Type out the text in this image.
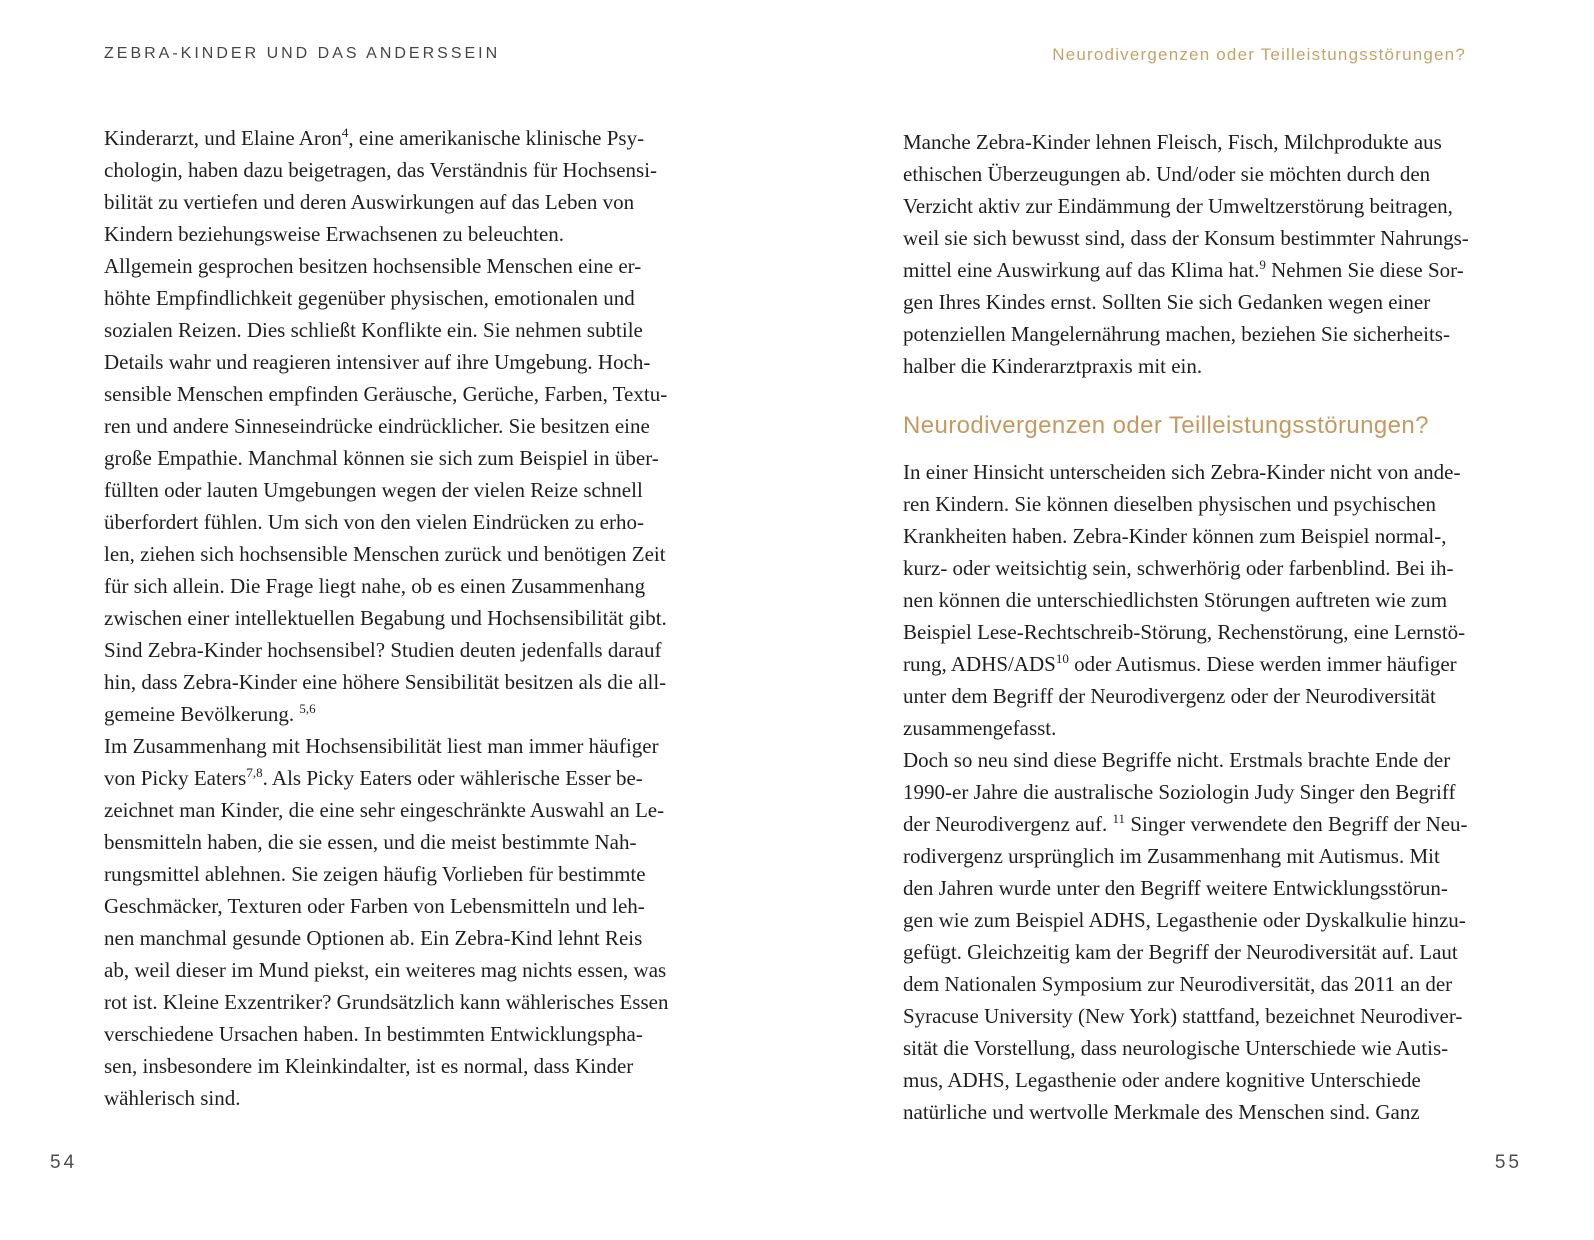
ZEBRA-KINDER UND DAS ANDERSSEIN	Neurodivergenzen oder Teilleistungsstörungen?
Kinderarzt, und Elaine Aron$^4$, eine amerikanische klinische Psy-
chologin, haben dazu beigetragen, das Verständnis für Hochsensi-
bilität zu vertiefen und deren Auswirkungen auf das Leben von
Kindern beziehungsweise Erwachsenen zu beleuchten.
Allgemein gesprochen besitzen hochsensible Menschen eine er-
höhte Empfindlichkeit gegenüber physischen, emotionalen und
sozialen Reizen. Dies schließt Konflikte ein. Sie nehmen subtile
Details wahr und reagieren intensiver auf ihre Umgebung. Hoch-
sensible Menschen empfinden Geräusche, Gerüche, Farben, Textu-
ren und andere Sinneseindrücke eindrücklicher. Sie besitzen eine
große Empathie. Manchmal können sie sich zum Beispiel in über-
füllten oder lauten Umgebungen wegen der vielen Reize schnell
überfordert fühlen. Um sich von den vielen Eindrücken zu erho-
len, ziehen sich hochsensible Menschen zurück und benötigen Zeit
für sich allein. Die Frage liegt nahe, ob es einen Zusammenhang
zwischen einer intellektuellen Begabung und Hochsensibilität gibt.
Sind Zebra-Kinder hochsensibel? Studien deuten jedenfalls darauf
hin, dass Zebra-Kinder eine höhere Sensibilität besitzen als die all-
gemeine Bevölkerung. $^{5,6}$
Im Zusammenhang mit Hochsensibilität liest man immer häufiger
von Picky Eaters$^{7,8}$. Als Picky Eaters oder wählerische Esser be-
zeichnet man Kinder, die eine sehr eingeschränkte Auswahl an Le-
bensmitteln haben, die sie essen, und die meist bestimmte Nah-
rungsmittel ablehnen. Sie zeigen häufig Vorlieben für bestimmte
Geschmäcker, Texturen oder Farben von Lebensmitteln und leh-
nen manchmal gesunde Optionen ab. Ein Zebra-Kind lehnt Reis
ab, weil dieser im Mund piekst, ein weiteres mag nichts essen, was
rot ist. Kleine Exzentriker? Grundsätzlich kann wählerisches Essen
verschiedene Ursachen haben. In bestimmten Entwicklungspha-
sen, insbesondere im Kleinkindalter, ist es normal, dass Kinder
wählerisch sind.
Manche Zebra-Kinder lehnen Fleisch, Fisch, Milchprodukte aus
ethischen Überzeugungen ab. Und/oder sie möchten durch den
Verzicht aktiv zur Eindämmung der Umweltzerstörung beitragen,
weil sie sich bewusst sind, dass der Konsum bestimmter Nahrungs-
mittel eine Auswirkung auf das Klima hat.$^9$ Nehmen Sie diese Sor-
gen Ihres Kindes ernst. Sollten Sie sich Gedanken wegen einer
potenziellen Mangelernährung machen, beziehen Sie sicherheits-
halber die Kinderarztpraxis mit ein.
Neurodivergenzen oder Teilleistungsstörungen?
In einer Hinsicht unterscheiden sich Zebra-Kinder nicht von ande-
ren Kindern. Sie können dieselben physischen und psychischen
Krankheiten haben. Zebra-Kinder können zum Beispiel normal-,
kurz- oder weitsichtig sein, schwerhörig oder farbenblind. Bei ih-
nen können die unterschiedlichsten Störungen auftreten wie zum
Beispiel Lese-Rechtschreib-Störung, Rechenstörung, eine Lernstö-
rung, ADHS/ADS$^{10}$ oder Autismus. Diese werden immer häufiger
unter dem Begriff der Neurodivergenz oder der Neurodiversität
zusammengefasst.
Doch so neu sind diese Begriffe nicht. Erstmals brachte Ende der
1990-er Jahre die australische Soziologin Judy Singer den Begriff
der Neurodivergenz auf. $^{11}$ Singer verwendete den Begriff der Neu-
rodivergenz ursprünglich im Zusammenhang mit Autismus. Mit
den Jahren wurde unter den Begriff weitere Entwicklungsstörun-
gen wie zum Beispiel ADHS, Legasthenie oder Dyskalkulie hinzu-
gefügt. Gleichzeitig kam der Begriff der Neurodiversität auf. Laut
dem Nationalen Symposium zur Neurodiversität, das 2011 an der
Syracuse University (New York) stattfand, bezeichnet Neurodiver-
sität die Vorstellung, dass neurologische Unterschiede wie Autis-
mus, ADHS, Legasthenie oder andere kognitive Unterschiede
natürliche und wertvolle Merkmale des Menschen sind. Ganz
54	55
